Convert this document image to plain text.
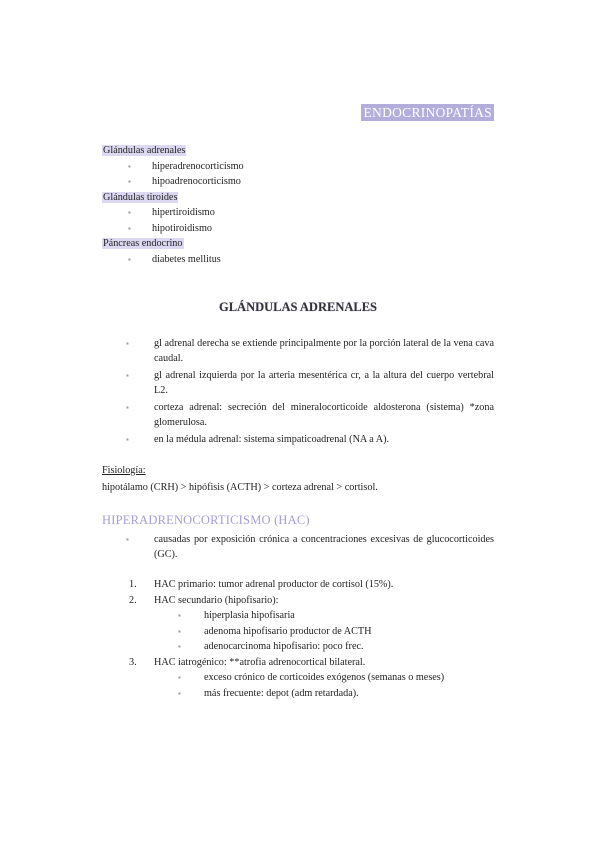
ENDOCRINOPATÍAS
Glándulas adrenales
▪ hiperadrenocorticismo
▪ hipoadrenocorticismo
Glándulas tiroides
▪ hipertiroidismo
▪ hipotiroidismo
Páncreas endocrino
▪ diabetes mellitus
GLÁNDULAS ADRENALES
▪ gl adrenal derecha se extiende principalmente por la porción lateral de la vena cava caudal.
▪ gl adrenal izquierda por la arteria mesentérica cr, a la altura del cuerpo vertebral L2.
▪ corteza adrenal: secreción del mineralocorticoide aldosterona (sistema) *zona glomerulosa.
▪ en la médula adrenal: sistema simpaticoadrenal (NA a A).
Fisiología:
hipotálamo (CRH) > hipófisis (ACTH) > corteza adrenal > cortisol.
HIPERADRENOCORTICISMO (HAC)
▪ causadas por exposición crónica a concentraciones excesivas de glucocorticoides (GC).
1. HAC primario: tumor adrenal productor de cortisol (15%).
2. HAC secundario (hipofisario):
▪ hiperplasia hipofisaria
▪ adenoma hipofisario productor de ACTH
▪ adenocarcinoma hipofisario: poco frec.
3. HAC iatrogénico: **atrofia adrenocortical bilateral.
▪ exceso crónico de corticoides exógenos (semanas o meses)
▪ más frecuente: depot (adm retardada).
